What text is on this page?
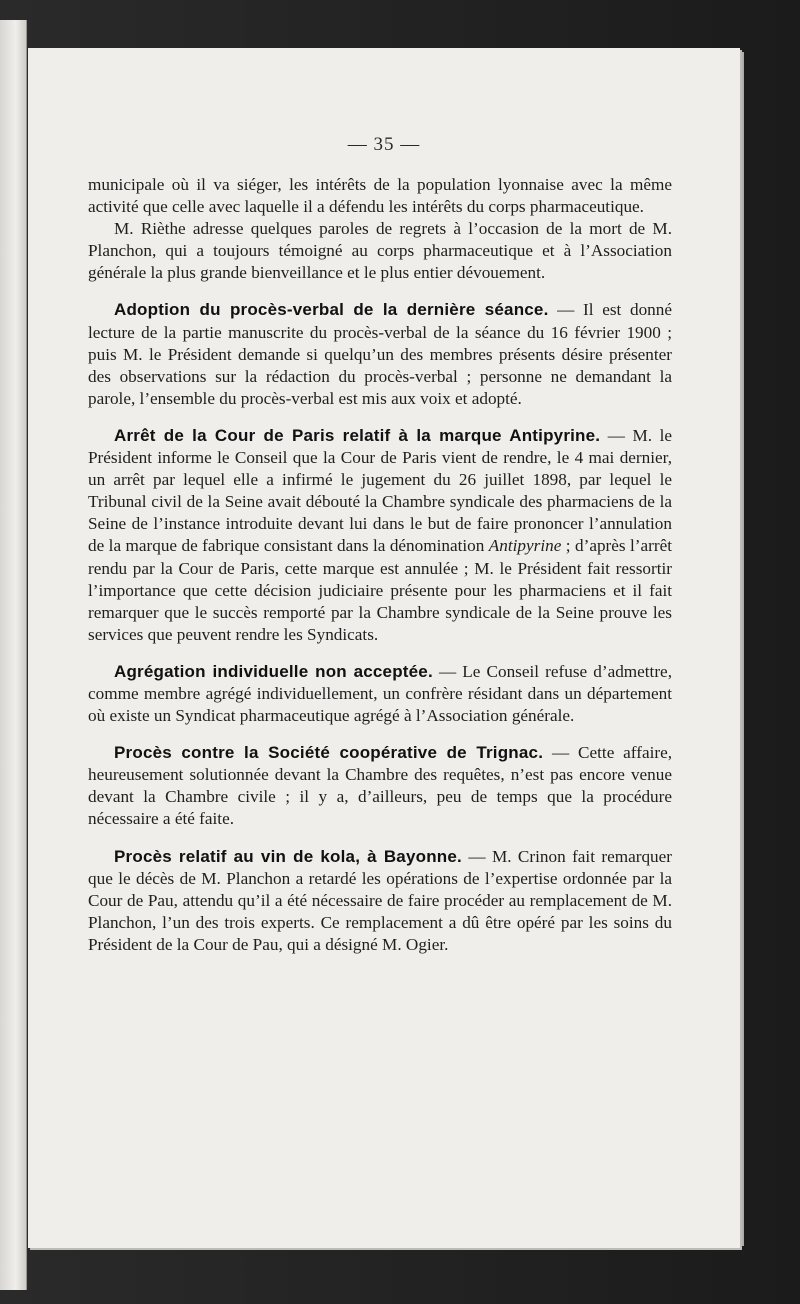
— 35 —

municipale où il va siéger, les intérêts de la population lyonnaise avec la même activité que celle avec laquelle il a défendu les intérêts du corps pharmaceutique.

M. Rièthe adresse quelques paroles de regrets à l’occasion de la mort de M. Planchon, qui a toujours témoigné au corps pharmaceutique et à l’Association générale la plus grande bienveillance et le plus entier dévouement.

Adoption du procès-verbal de la dernière séance. — Il est donné lecture de la partie manuscrite du procès-verbal de la séance du 16 février 1900 ; puis M. le Président demande si quelqu’un des membres présents désire présenter des observations sur la rédaction du procès-verbal ; personne ne demandant la parole, l’ensemble du procès-verbal est mis aux voix et adopté.

Arrêt de la Cour de Paris relatif à la marque Antipyrine. — M. le Président informe le Conseil que la Cour de Paris vient de rendre, le 4 mai dernier, un arrêt par lequel elle a infirmé le jugement du 26 juillet 1898, par lequel le Tribunal civil de la Seine avait débouté la Chambre syndicale des pharmaciens de la Seine de l’instance introduite devant lui dans le but de faire prononcer l’annulation de la marque de fabrique consistant dans la dénomination Antipyrine ; d’après l’arrêt rendu par la Cour de Paris, cette marque est annulée ; M. le Président fait ressortir l’importance que cette décision judiciaire présente pour les pharmaciens et il fait remarquer que le succès remporté par la Chambre syndicale de la Seine prouve les services que peuvent rendre les Syndicats.

Agrégation individuelle non acceptée. — Le Conseil refuse d’admettre, comme membre agrégé individuellement, un confrère résidant dans un département où existe un Syndicat pharmaceutique agrégé à l’Association générale.

Procès contre la Société coopérative de Trignac. — Cette affaire, heureusement solutionnée devant la Chambre des requêtes, n’est pas encore venue devant la Chambre civile ; il y a, d’ailleurs, peu de temps que la procédure nécessaire a été faite.

Procès relatif au vin de kola, à Bayonne. — M. Crinon fait remarquer que le décès de M. Planchon a retardé les opérations de l’expertise ordonnée par la Cour de Pau, attendu qu’il a été nécessaire de faire procéder au remplacement de M. Planchon, l’un des trois experts. Ce remplacement a dû être opéré par les soins du Président de la Cour de Pau, qui a désigné M. Ogier.
